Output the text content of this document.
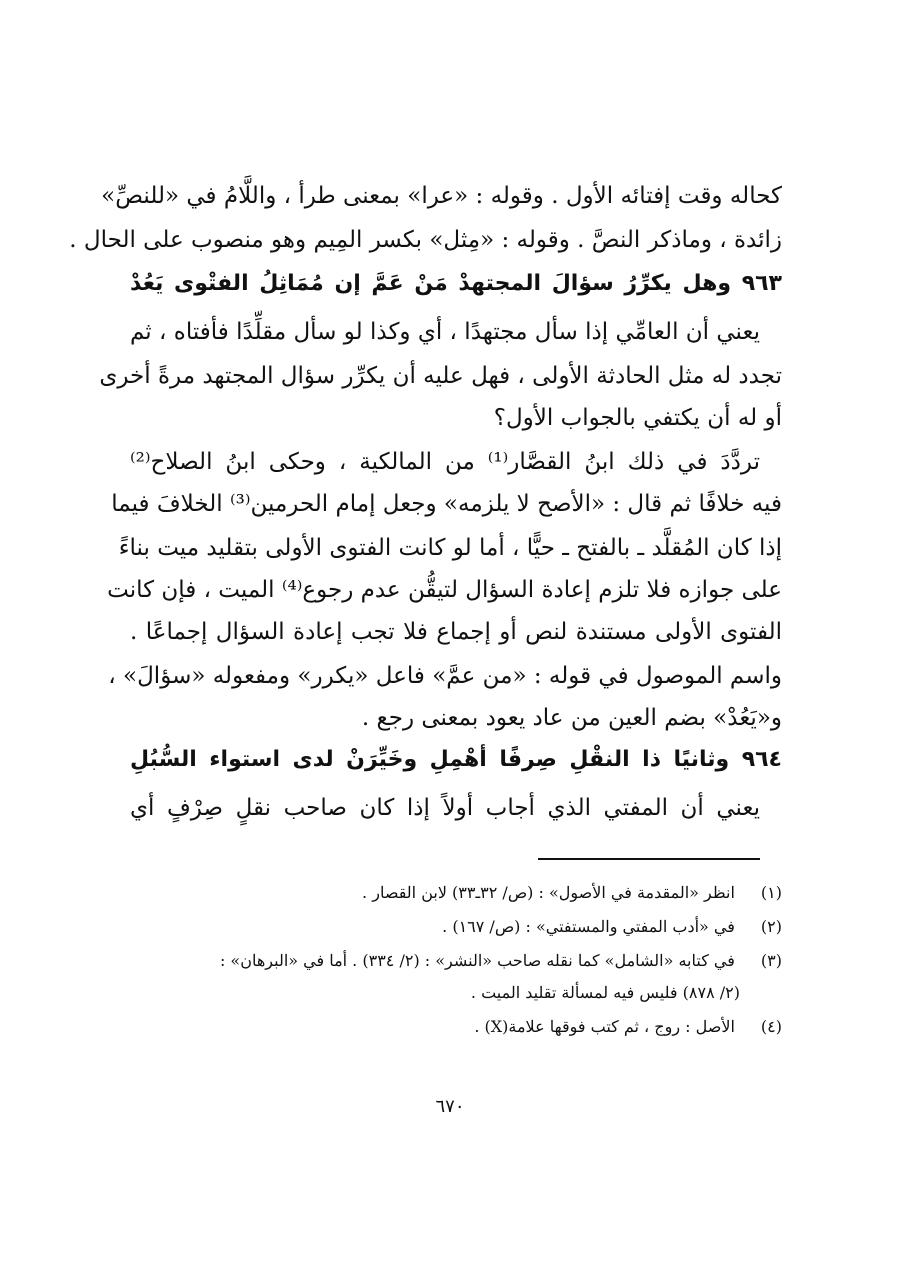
كحاله وقت إفتائه الأول . وقوله : «عرا» بمعنى طرأ ، واللَّامُ في «للنصِّ»
زائدة ، وماذكر النصَّ . وقوله : «مِثل» بكسر المِيم وهو منصوب على الحال .
٩٦٣ وهل يكرِّرُ سؤالَ المجتهدْ مَنْ عَمَّ إن مُمَاثِلُ الفتْوى يَعُدْ
يعني أن العامِّي إذا سأل مجتهدًا ، أي وكذا لو سأل مقلِّدًا فأفتاه ، ثم
تجدد له مثل الحادثة الأولى ، فهل عليه أن يكرِّر سؤال المجتهد مرةً أخرى
أو له أن يكتفي بالجواب الأول؟
تردَّدَ في ذلك ابنُ القصَّار⁽¹⁾ من المالكية ، وحكى ابنُ الصلاح⁽²⁾
فيه خلافًا ثم قال : «الأصح لا يلزمه» وجعل إمام الحرمين⁽³⁾ الخلافَ فيما
إذا كان المُقلَّد ـ بالفتح ـ حيًّا ، أما لو كانت الفتوى الأولى بتقليد ميت بناءً
على جوازه فلا تلزم إعادة السؤال لتيقُّن عدم رجوع⁽⁴⁾ الميت ، فإن كانت
الفتوى الأولى مستندة لنص أو إجماع فلا تجب إعادة السؤال إجماعًا .
واسم الموصول في قوله : «من عمَّ» فاعل «يكرر» ومفعوله «سؤالَ» ،
و«يَعُدْ» بضم العين من عاد يعود بمعنى رجع .
٩٦٤ وثانيًا ذا النقْلِ صِرفًا أهْمِلِ وخَيِّرَنْ لدى استواء السُّبُلِ
يعني أن المفتي الذي أجاب أولاً إذا كان صاحب نقلٍ صِرْفٍ أي
(١) انظر «المقدمة في الأصول» : (ص/ ٣٢ـ٣٣) لابن القصار .
(٢) في «أدب المفتي والمستفتي» : (ص/ ١٦٧) .
(٣) في كتابه «الشامل» كما نقله صاحب «النشر» : (٢/ ٣٣٤) . أما في «البرهان» :
(٢/ ٨٧٨) فليس فيه لمسألة تقليد الميت .
(٤) الأصل : روج ، ثم كتب فوقها علامة(X) .
٦٧٠
